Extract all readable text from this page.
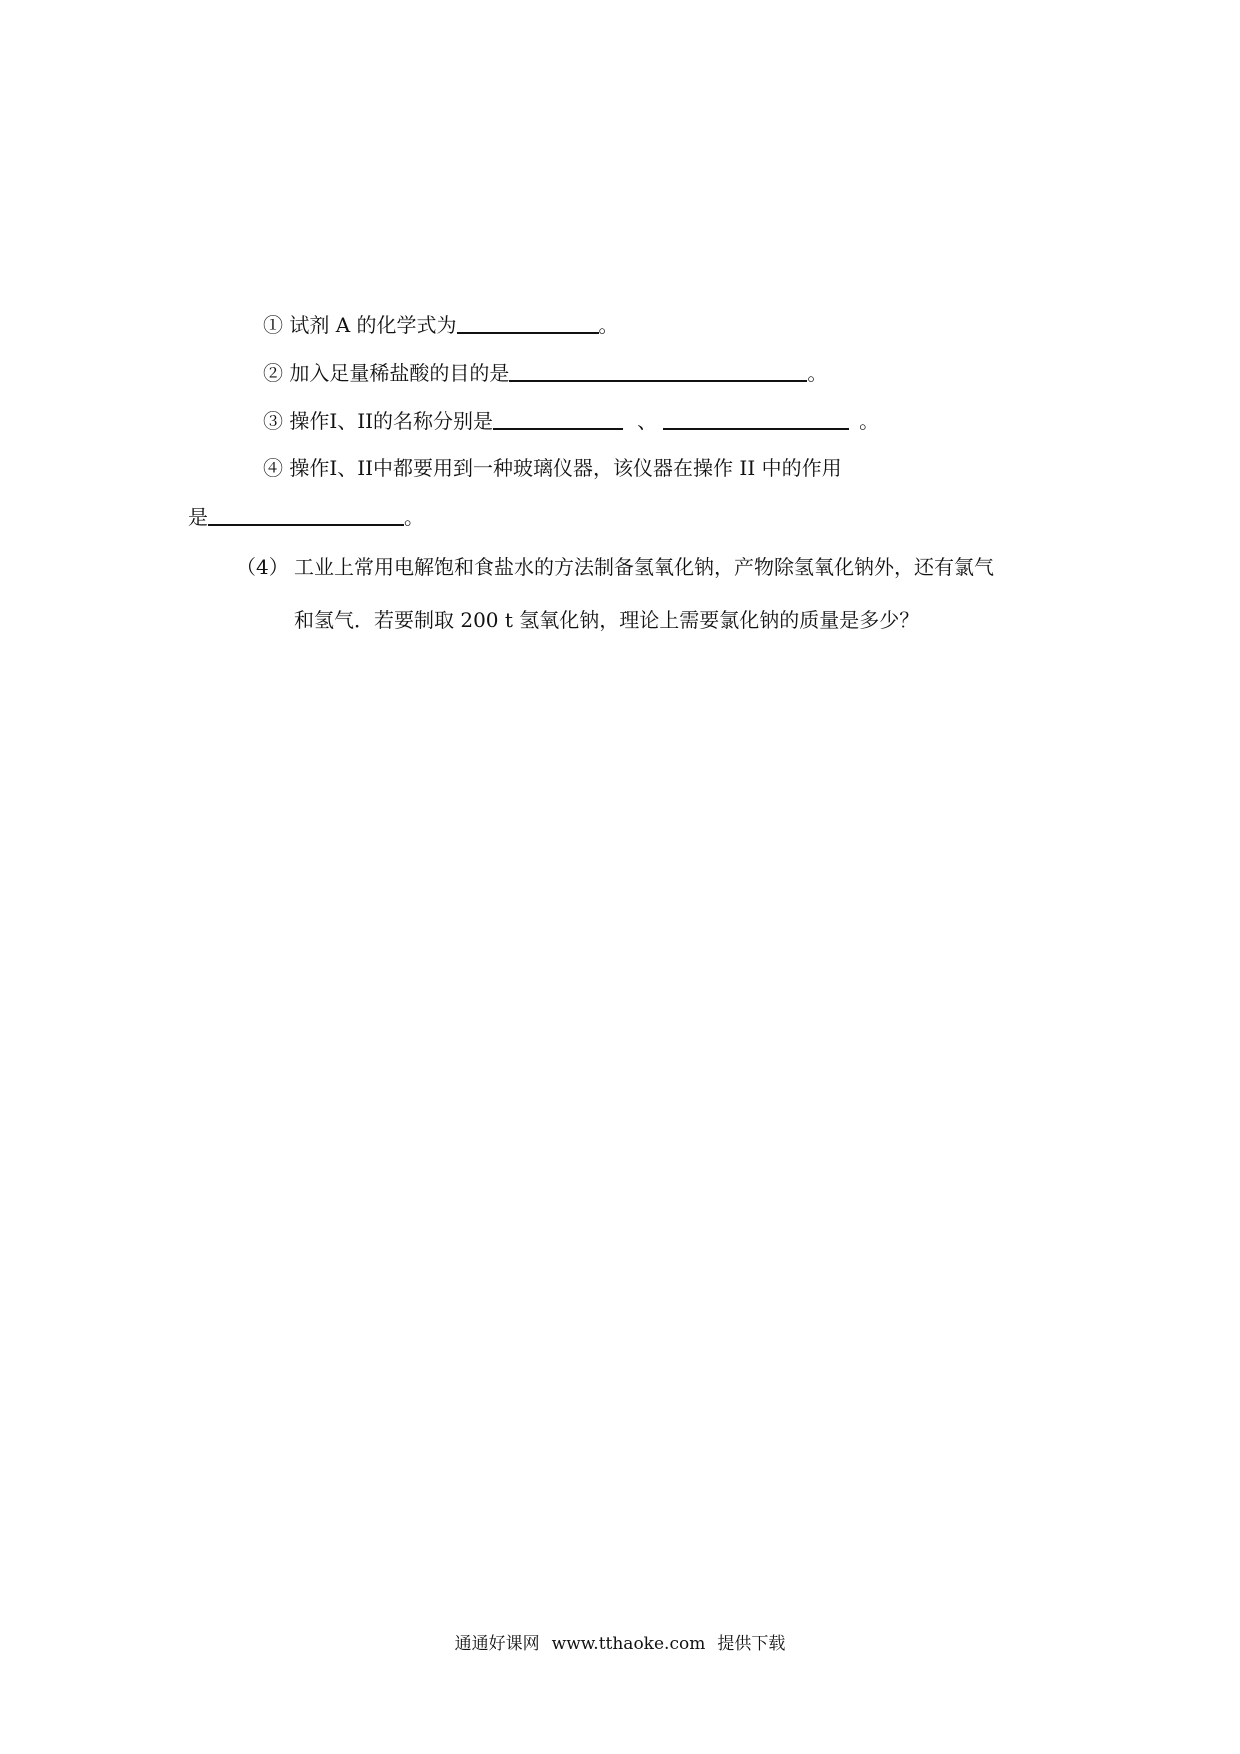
① 试剂 A 的化学式为	。
② 加入足量稀盐酸的目的是	。
③ 操作I、II的名称分别是	、	。
④ 操作I、II中都要用到一种玻璃仪器，该仪器在操作 II 中的作用
是	。
（4） 工业上常用电解饱和食盐水的方法制备氢氧化钠，产物除氢氧化钠外，还有氯气
和氢气．若要制取 200 t 氢氧化钠，理论上需要氯化钠的质量是多少？
通通好课网 www.tthaoke.com 提供下载
